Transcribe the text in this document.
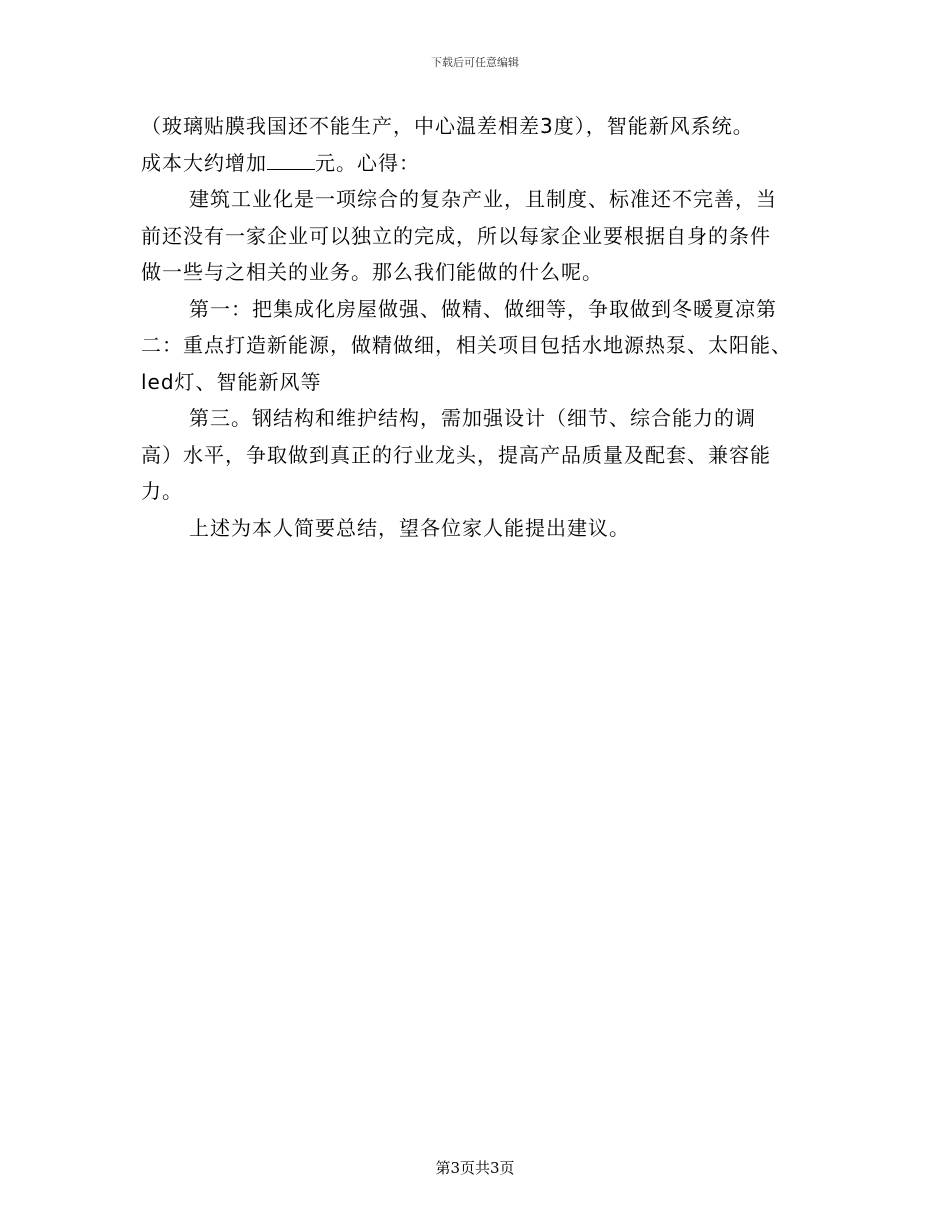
下载后可任意编辑
（玻璃贴膜我国还不能生产，中心温差相差3度），智能新风系统。
成本大约增加 元。心得：
建筑工业化是一项综合的复杂产业，且制度、标准还不完善，当
前还没有一家企业可以独立的完成，所以每家企业要根据自身的条件
做一些与之相关的业务。那么我们能做的什么呢。
第一：把集成化房屋做强、做精、做细等，争取做到冬暖夏凉第
二：重点打造新能源，做精做细，相关项目包括水地源热泵、太阳能、
led灯、智能新风等
第三。钢结构和维护结构，需加强设计（细节、综合能力的调
高）水平，争取做到真正的行业龙头，提高产品质量及配套、兼容能
力。
上述为本人简要总结，望各位家人能提出建议。
第3页共3页
